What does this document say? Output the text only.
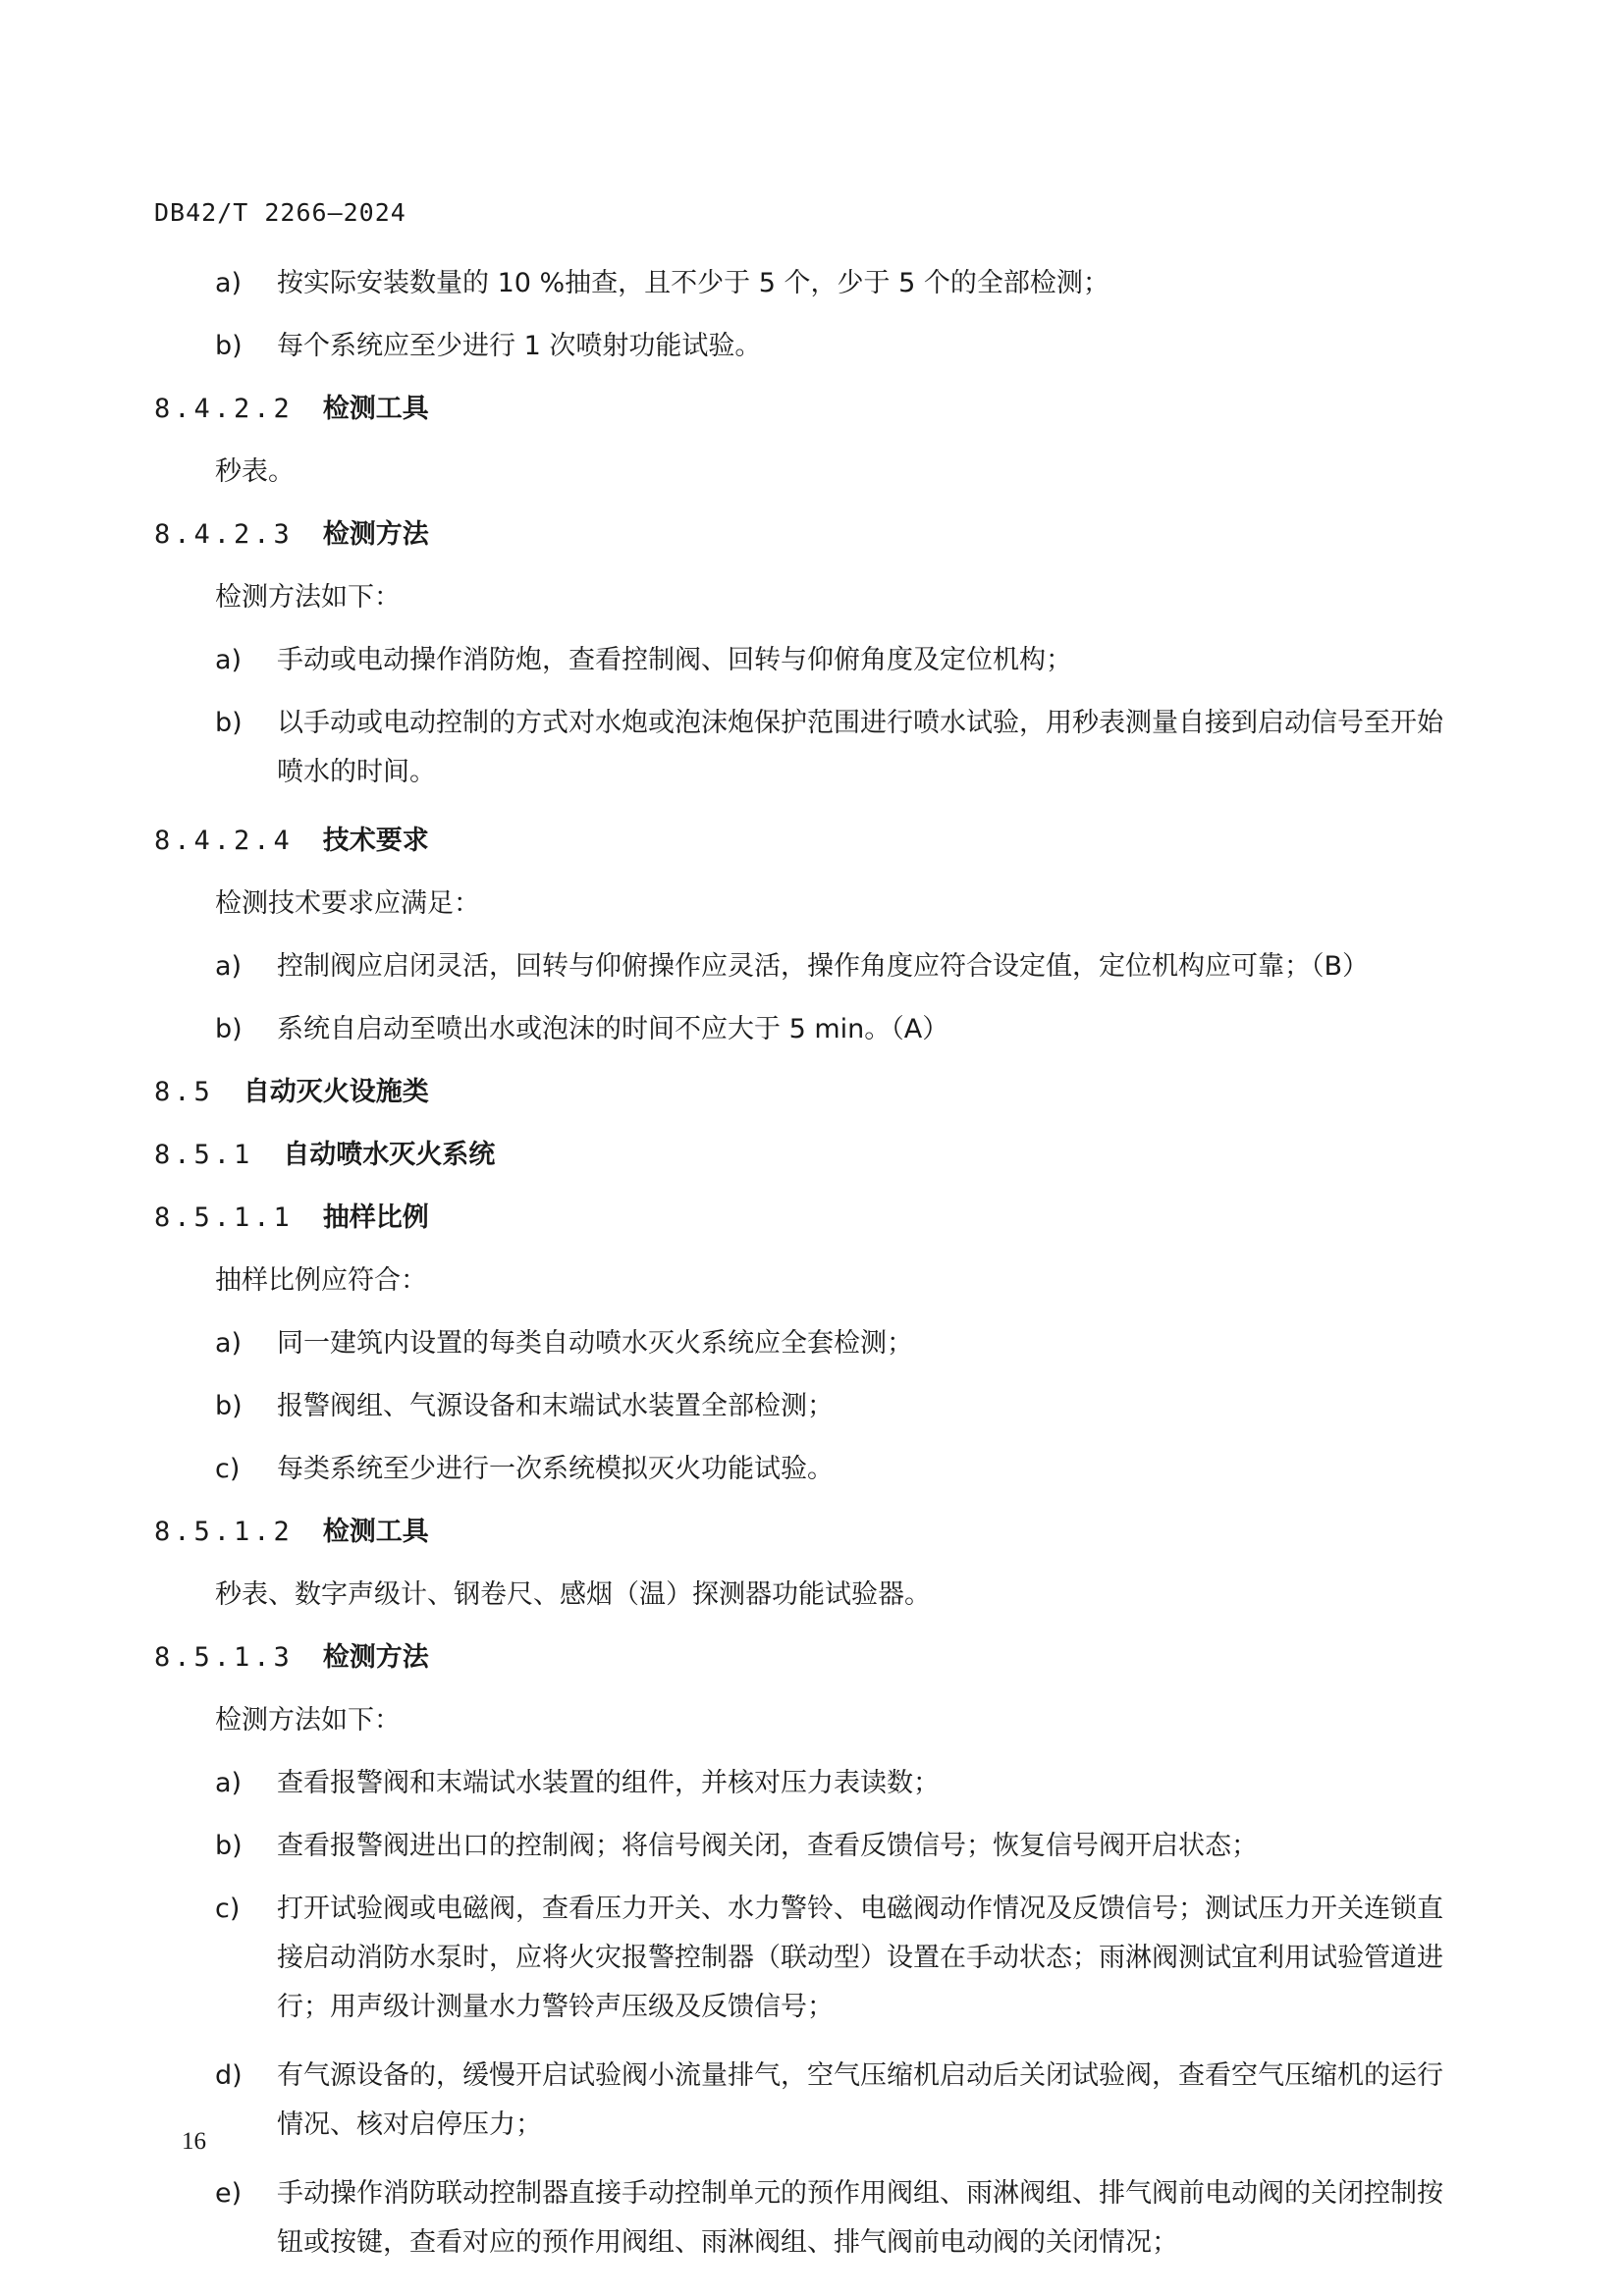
DB42/T 2266—2024
a)	按实际安装数量的 10 %抽查，且不少于 5 个，少于 5 个的全部检测；
b)	每个系统应至少进行 1 次喷射功能试验。
8.4.2.2	检测工具
秒表。
8.4.2.3	检测方法
检测方法如下：
a)	手动或电动操作消防炮，查看控制阀、回转与仰俯角度及定位机构；
b)	以手动或电动控制的方式对水炮或泡沫炮保护范围进行喷水试验，用秒表测量自接到启动信号至开始喷水的时间。
8.4.2.4	技术要求
检测技术要求应满足：
a)	控制阀应启闭灵活，回转与仰俯操作应灵活，操作角度应符合设定值，定位机构应可靠；（B）
b)	系统自启动至喷出水或泡沫的时间不应大于 5 min。（A）
8.5	自动灭火设施类
8.5.1	自动喷水灭火系统
8.5.1.1	抽样比例
抽样比例应符合：
a)	同一建筑内设置的每类自动喷水灭火系统应全套检测；
b)	报警阀组、气源设备和末端试水装置全部检测；
c)	每类系统至少进行一次系统模拟灭火功能试验。
8.5.1.2	检测工具
秒表、数字声级计、钢卷尺、感烟（温）探测器功能试验器。
8.5.1.3	检测方法
检测方法如下：
a)	查看报警阀和末端试水装置的组件，并核对压力表读数；
b)	查看报警阀进出口的控制阀；将信号阀关闭，查看反馈信号；恢复信号阀开启状态；
c)	打开试验阀或电磁阀，查看压力开关、水力警铃、电磁阀动作情况及反馈信号；测试压力开关连锁直接启动消防水泵时，应将火灾报警控制器（联动型）设置在手动状态；雨淋阀测试宜利用试验管道进行；用声级计测量水力警铃声压级及反馈信号；
d)	有气源设备的，缓慢开启试验阀小流量排气，空气压缩机启动后关闭试验阀，查看空气压缩机的运行情况、核对启停压力；
e)	手动操作消防联动控制器直接手动控制单元的预作用阀组、雨淋阀组、排气阀前电动阀的关闭控制按钮或按键，查看对应的预作用阀组、雨淋阀组、排气阀前电动阀的关闭情况；
16
